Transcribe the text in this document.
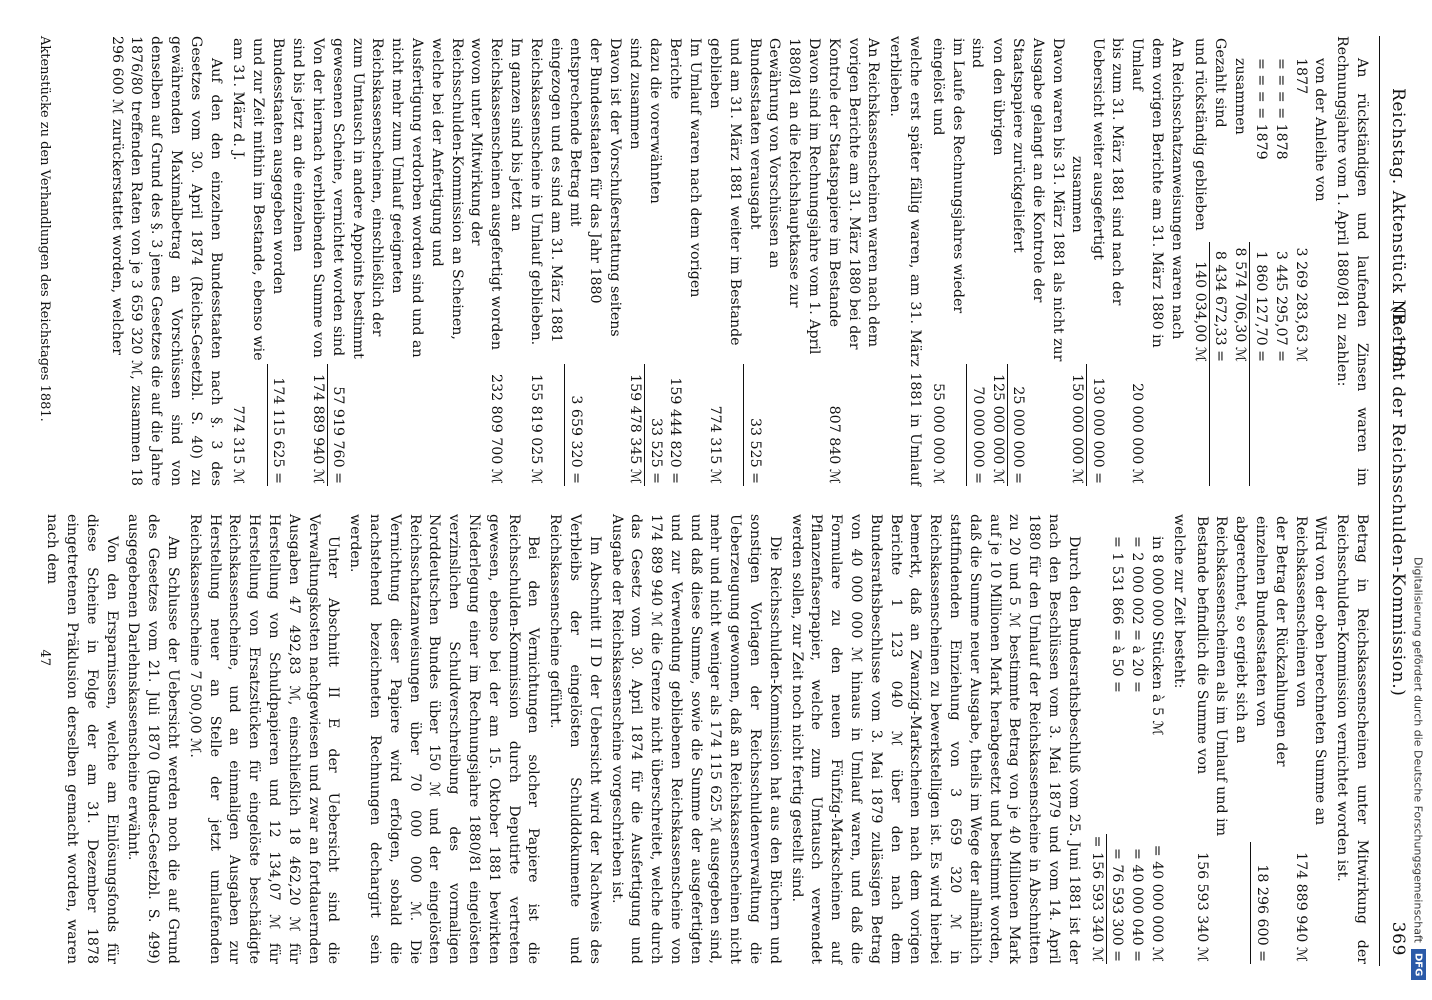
Reichstag. Aktenstück Nr. 108.
(Bericht der Reichsschulden-Kommission.)
369

An rückständigen und laufenden Zinsen waren im Rechnungsjahre vom 1. April 1880/81 zu zahlen:

von der Anleihe von 1877	3 269 283,63 ℳ	
= = = = 1878	3 445 295,07 =	
= = = = 1879	1 860 127,70 =	
zusammen	8 574 706,30 ℳ	
Gezahlt sind	8 434 672,33 =	
und rückständig geblieben	140 034,00 ℳ	
An Reichsschatzanweisungen waren nach dem vorigen Berichte am 31. März 1880 in Umlauf	20 000 000 ℳ
bis zum 31. März 1881 sind nach der Uebersicht weiter ausgefertigt	130 000 000 =
zusammen	150 000 000 ℳ
Davon waren bis 31. März 1881 als nicht zur Ausgabe gelangt an die Kontrole der Staatspapiere zurückgeliefert	25 000 000 =
von den übrigen	125 000 000 ℳ
sind	70 000 000 =
im Laufe des Rechnungsjahres wieder eingelöst und	55 000 000 ℳ

welche erst später fällig waren, am 31. März 1881 in Umlauf verblieben.

An Reichskassenscheinen waren nach dem vorigen Berichte am 31. März 1880 bei der Kontrole der Staatspapiere im Bestande	807 840 ℳ
Davon sind im Rechnungsjahre vom 1. April 1880/81 an die Reichshauptkasse zur Gewährung von Vorschüssen an Bundesstaaten verausgabt	33 525 =
und am 31. März 1881 weiter im Bestande geblieben	774 315 ℳ
Im Umlauf waren nach dem vorigen Berichte	159 444 820 =
dazu die vorerwähnten	33 525 =
sind zusammen	159 478 345 ℳ
Davon ist der Vorschußerstattung seitens der Bundesstaaten für das Jahr 1880 entsprechende Betrag mit	3 659 320 =
eingezogen und es sind am 31. März 1881 Reichskassenscheine in Umlauf geblieben.	155 819 025 ℳ
Im ganzen sind bis jetzt an Reichskassenscheinen ausgefertigt worden	232 809 700 ℳ
wovon unter Mitwirkung der Reichsschulden-Kommission an Scheinen, welche bei der Anfertigung und Ausfertigung verdorben worden sind und an nicht mehr zum Umlauf geeigneten Reichskassenscheinen, einschließlich der zum Umtausch in andere Appoints bestimmt gewesenen Scheine, vernichtet worden sind	57 919 760 =
Von der hiernach verbleibenden Summe von	174 889 940 ℳ
sind bis jetzt an die einzelnen Bundesstaaten ausgegeben worden	174 115 625 =
und zur Zeit mithin im Bestande, ebenso wie am 31. März d. J.	774 315 ℳ

Auf den den einzelnen Bundesstaaten nach §. 3 des Gesetzes vom 30. April 1874 (Reichs-Gesetzbl. S. 40) zu gewährenden Maximalbetrag an Vorschüssen sind von denselben auf Grund des §. 3 jenes Gesetzes die auf die Jahre 1876/80 treffenden Raten von je 3 659 320 ℳ, zusammen 18 296 600 ℳ zurückerstattet worden, welcher

Betrag in Reichskassenscheinen unter Mitwirkung der Reichsschulden-Kommission vernichtet worden ist.

Wird von der oben berechneten Summe an Reichskassenscheinen von	174 889 940 ℳ
der Betrag der Rückzahlungen der einzelnen Bundesstaaten von	18 296 600 =
abgerechnet, so ergiebt sich an Reichskassenscheinen als im Umlauf und im Bestande befindlich die Summe von	156 593 340 ℳ

welche zur Zeit besteht:

in 8 000 000 Stücken à 5 ℳ	= 40 000 000 ℳ
= 2 000 002 = à 20 =	= 40 000 040 =
= 1 531 866 = à 50 =	= 76 593 300 =
	= 156 593 340 ℳ

Durch den Bundesrathsbeschluß vom 25. Juni 1881 ist der nach den Beschlüssen vom 3. Mai 1879 und vom 14. April 1880 für den Umlauf der Reichskassenscheine in Abschnitten zu 20 und 5 ℳ bestimmte Betrag von je 40 Millionen Mark auf je 10 Millionen Mark herabgesetzt und bestimmt worden, daß die Summe neuer Ausgabe, theils im Wege der allmählich stattfindenden Einziehung von 3 659 320 ℳ in Reichskassenscheinen zu bewerkstelligen ist. Es wird hierbei bemerkt, daß an Zwanzig-Markscheinen nach dem vorigen Berichte 1 123 040 ℳ über den nach dem Bundesrathsbeschlusse vom 3. Mai 1879 zulässigen Betrag von 40 000 000 ℳ hinaus in Umlauf waren, und daß die Formulare zu den neuen Fünfzig-Markscheinen auf Pflanzenfaserpapier, welche zum Umtausch verwendet werden sollen, zur Zeit noch nicht fertig gestellt sind.

Die Reichsschulden-Kommission hat aus den Büchern und sonstigen Vorlagen der Reichsschuldenverwaltung die Ueberzeugung gewonnen, daß an Reichskassenscheinen nicht mehr und nicht weniger als 174 115 625 ℳ ausgegeben sind, und daß diese Summe, sowie die Summe der ausgefertigten und zur Verwendung gebliebenen Reichskassenscheine von 174 889 940 ℳ die Grenze nicht überschreitet, welche durch das Gesetz vom 30. April 1874 für die Ausfertigung und Ausgabe der Reichskassenscheine vorgeschrieben ist.

Im Abschnitt II D der Uebersicht wird der Nachweis des Verbleibs der eingelösten Schulddokumente und Reichskassenscheine geführt.

Bei den Vernichtungen solcher Papiere ist die Reichsschulden-Kommission durch Deputirte vertreten gewesen, ebenso bei der am 15. Oktober 1881 bewirkten Niederlegung einer im Rechnungsjahre 1880/81 eingelösten verzinslichen Schuldverschreibung des vormaligen Norddeutschen Bundes über 150 ℳ und der eingelösten Reichsschatzanweisungen über 70 000 000 ℳ. Die Vernichtung dieser Papiere wird erfolgen, sobald die nachstehend bezeichneten Rechnungen dechargirt sein werden.

Unter Abschnitt II E der Uebersicht sind die Verwaltungskosten nachgewiesen und zwar an fortdauernden Ausgaben 47 492,83 ℳ, einschließlich 18 462,20 ℳ für Herstellung von Schuldpapieren und 12 134,07 ℳ für Herstellung von Ersatzstücken für eingelöste beschädigte Reichskassenscheine, und an einmaligen Ausgaben zur Herstellung neuer an Stelle der jetzt umlaufenden Reichskassenscheine 7 500,00 ℳ.

Am Schlusse der Uebersicht werden noch die auf Grund des Gesetzes vom 21. Juli 1870 (Bundes-Gesetzbl. S. 499) ausgegebenen Darlehnskassenscheine erwähnt.

Von den Ersparnissen, welche am Einlösungsfonds für diese Scheine in Folge der am 31. Dezember 1878 eingetretenen Präklusion derselben gemacht worden, waren nach dem

Aktenstücke zu den Verhandlungen des Reichstages 1881.
47	Digitalisierung gefördert durch die Deutsche Forschungsgemeinschaft
DFG
